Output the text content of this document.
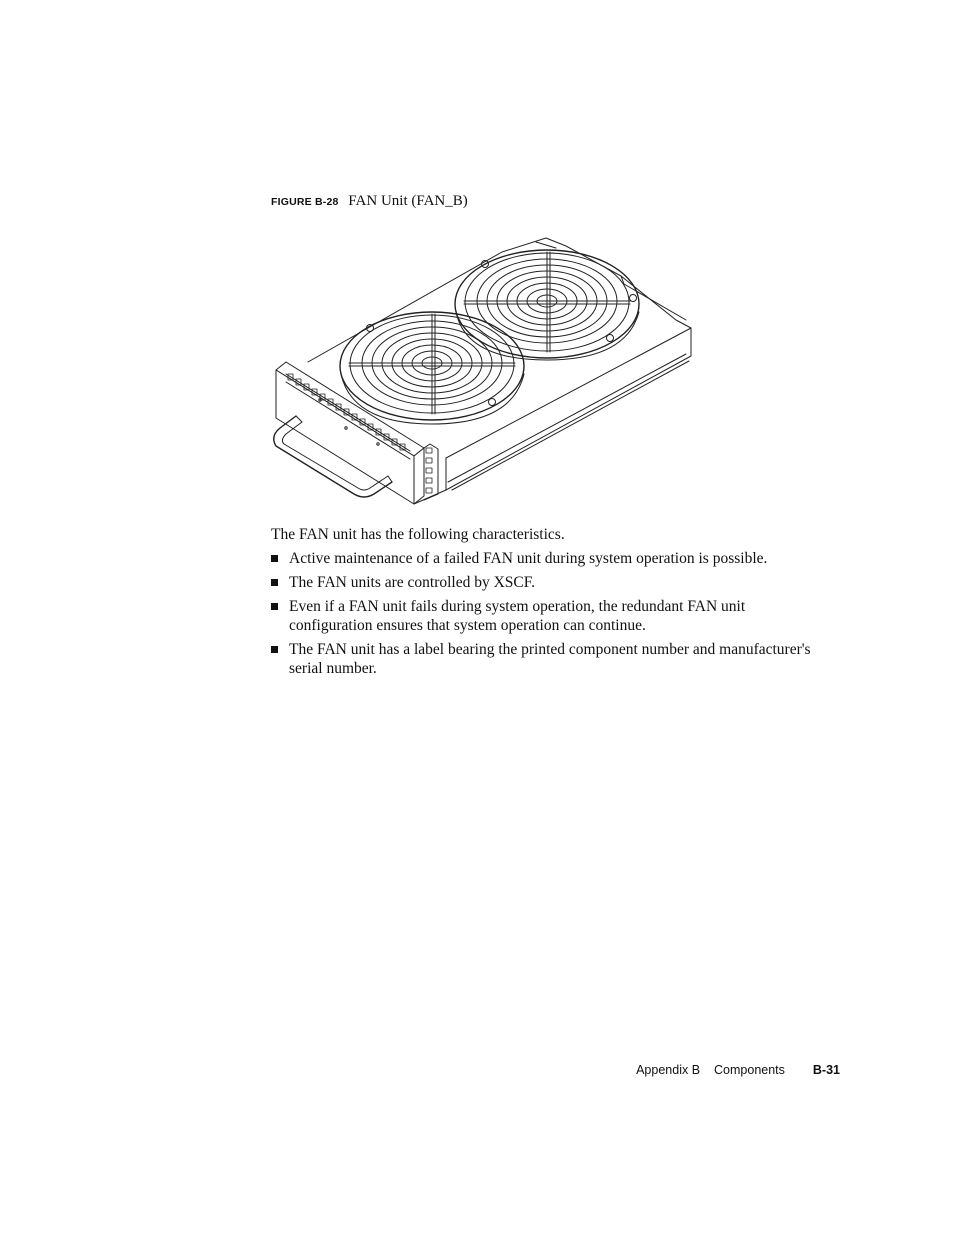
FIGURE B-28 FAN Unit (FAN_B)

The FAN unit has the following characteristics.

Active maintenance of a failed FAN unit during system operation is possible.
The FAN units are controlled by XSCF.
Even if a FAN unit fails during system operation, the redundant FAN unit configuration ensures that system operation can continue.
The FAN unit has a label bearing the printed component number and manufacturer's serial number.
Appendix B Components B-31
